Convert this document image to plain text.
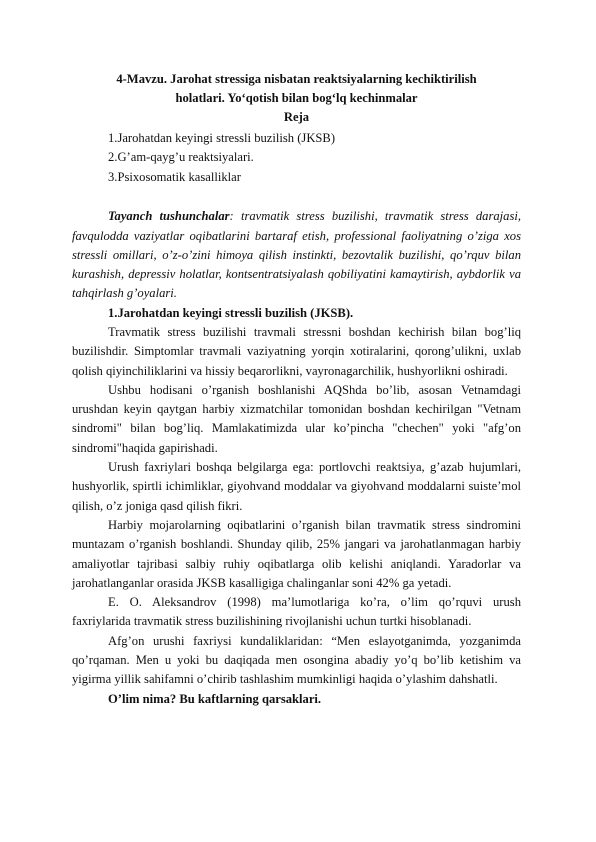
4-Mavzu. Jarohat stressiga nisbatan reaktsiyalarning kechiktirilish
holatlari. Yo‘qotish bilan bog‘lq kechinmalar
Reja
1.Jarohatdan keyingi stressli buzilish (JKSB)
2.G’am-qayg’u reaktsiyalari.
3.Psixosomatik kasalliklar

Tayanch tushunchalar: travmatik stress buzilishi, travmatik stress darajasi, favqulodda vaziyatlar oqibatlarini bartaraf etish, professional faoliyatning o’ziga xos stressli omillari, o’z-o’zini himoya qilish instinkti, bezovtalik buzilishi, qo’rquv bilan kurashish, depressiv holatlar, kontsentratsiyalash qobiliyatini kamaytirish, aybdorlik va tahqirlash g’oyalari.

1.Jarohatdan keyingi stressli buzilish (JKSB).

Travmatik stress buzilishi travmali stressni boshdan kechirish bilan bog’liq buzilishdir. Simptomlar travmali vaziyatning yorqin xotiralarini, qorong’ulikni, uxlab qolish qiyinchiliklarini va hissiy beqarorlikni, vayronagarchilik, hushyorlikni oshiradi.

Ushbu hodisani o’rganish boshlanishi AQShda bo’lib, asosan Vetnamdagi urushdan keyin qaytgan harbiy xizmatchilar tomonidan boshdan kechirilgan "Vetnam sindromi" bilan bog’liq. Mamlakatimizda ular ko’pincha "chechen" yoki "afg’on sindromi"haqida gapirishadi.

Urush faxriylari boshqa belgilarga ega: portlovchi reaktsiya, g’azab hujumlari, hushyorlik, spirtli ichimliklar, giyohvand moddalar va giyohvand moddalarni suiste’mol qilish, o’z joniga qasd qilish fikri.

Harbiy mojarolarning oqibatlarini o’rganish bilan travmatik stress sindromini muntazam o’rganish boshlandi. Shunday qilib, 25% jangari va jarohatlanmagan harbiy amaliyotlar tajribasi salbiy ruhiy oqibatlarga olib kelishi aniqlandi. Yaradorlar va jarohatlanganlar orasida JKSB kasalligiga chalinganlar soni 42% ga yetadi.

E. O. Aleksandrov (1998) ma’lumotlariga ko’ra, o’lim qo’rquvi urush faxriylarida travmatik stress buzilishining rivojlanishi uchun turtki hisoblanadi.

Afg’on urushi faxriysi kundaliklaridan: “Men eslayotganimda, yozganimda qo’rqaman. Men u yoki bu daqiqada men osongina abadiy yo’q bo’lib ketishim va yigirma yillik sahifamni o’chirib tashlashim mumkinligi haqida o’ylashim dahshatli.

O’lim nima? Bu kaftlarning qarsaklari.
